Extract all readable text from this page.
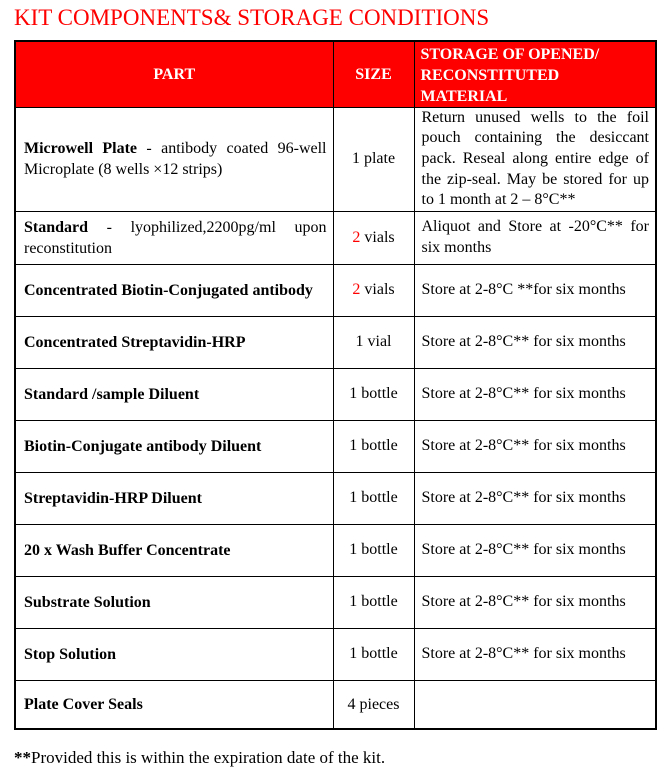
KIT COMPONENTS& STORAGE CONDITIONS
PART	SIZE	STORAGE OF OPENED/
RECONSTITUTED
MATERIAL

Microwell Plate - antibody coated 96-well Microplate (8 wells ×12 strips)	1 plate	Return unused wells to the foil pouch containing the desiccant pack. Reseal along entire edge of the zip-seal. May be stored for up to 1 month at 2 – 8°C**
Standard - lyophilized,2200pg/ml upon reconstitution	2 vials	Aliquot and Store at -20°C** for six months
Concentrated Biotin-Conjugated antibody	2 vials	Store at 2-8°C **for six months
Concentrated Streptavidin-HRP	1 vial	Store at 2-8°C** for six months
Standard /sample Diluent	1 bottle	Store at 2-8°C** for six months
Biotin-Conjugate antibody Diluent	1 bottle	Store at 2-8°C** for six months
Streptavidin-HRP Diluent	1 bottle	Store at 2-8°C** for six months
20 x Wash Buffer Concentrate	1 bottle	Store at 2-8°C** for six months
Substrate Solution	1 bottle	Store at 2-8°C** for six months
Stop Solution	1 bottle	Store at 2-8°C** for six months
Plate Cover Seals	4 pieces	

**Provided this is within the expiration date of the kit.
